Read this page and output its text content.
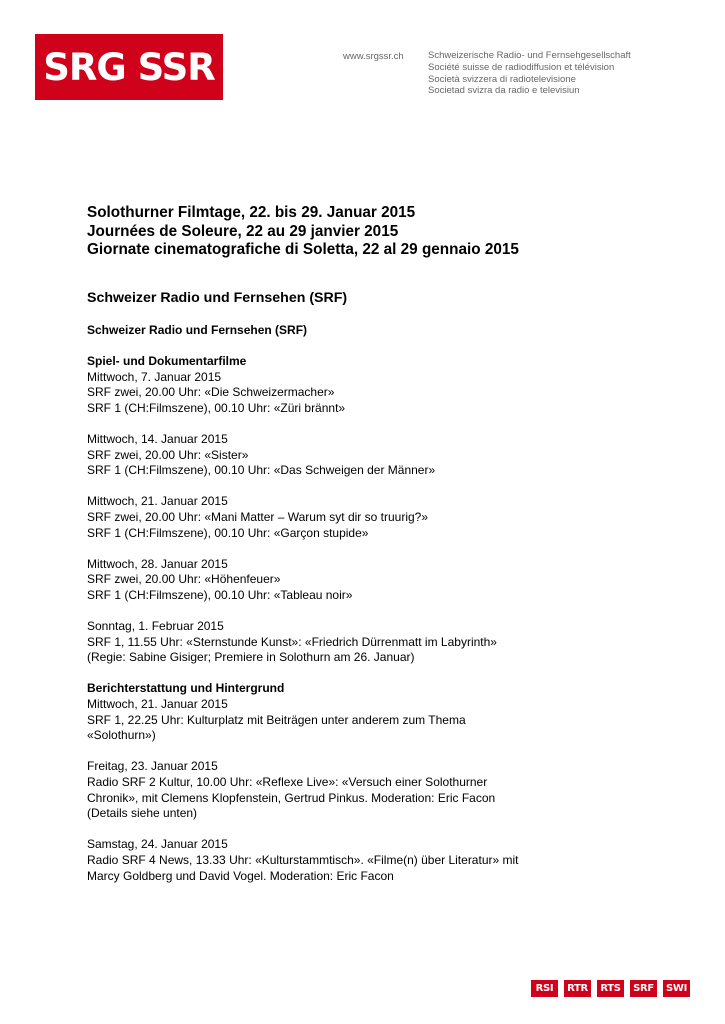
SRG SSR	www.srgssr.ch	Schweizerische Radio- und Fernsehgesellschaft
Société suisse de radiodiffusion et télévision
Società svizzera di radiotelevisione
Societad svizra da radio e televisiun
Solothurner Filmtage, 22. bis 29. Januar 2015
Journées de Soleure, 22 au 29 janvier 2015
Giornate cinematografiche di Soletta, 22 al 29 gennaio 2015
Schweizer Radio und Fernsehen (SRF)
Schweizer Radio und Fernsehen (SRF)
Spiel- und Dokumentarfilme
Mittwoch, 7. Januar 2015
SRF zwei, 20.00 Uhr: «Die Schweizermacher»
SRF 1 (CH:Filmszene), 00.10 Uhr: «Züri brännt»
Mittwoch, 14. Januar 2015
SRF zwei, 20.00 Uhr: «Sister»
SRF 1 (CH:Filmszene), 00.10 Uhr: «Das Schweigen der Männer»
Mittwoch, 21. Januar 2015
SRF zwei, 20.00 Uhr: «Mani Matter – Warum syt dir so truurig?»
SRF 1 (CH:Filmszene), 00.10 Uhr: «Garçon stupide»
Mittwoch, 28. Januar 2015
SRF zwei, 20.00 Uhr: «Höhenfeuer»
SRF 1 (CH:Filmszene), 00.10 Uhr: «Tableau noir»
Sonntag, 1. Februar 2015
SRF 1, 11.55 Uhr: «Sternstunde Kunst»: «Friedrich Dürrenmatt im Labyrinth»
(Regie: Sabine Gisiger; Premiere in Solothurn am 26. Januar)
Berichterstattung und Hintergrund
Mittwoch, 21. Januar 2015
SRF 1, 22.25 Uhr: Kulturplatz mit Beiträgen unter anderem zum Thema
«Solothurn»)
Freitag, 23. Januar 2015
Radio SRF 2 Kultur, 10.00 Uhr: «Reflexe Live»: «Versuch einer Solothurner
Chronik», mit Clemens Klopfenstein, Gertrud Pinkus. Moderation: Eric Facon
(Details siehe unten)
Samstag, 24. Januar 2015
Radio SRF 4 News, 13.33 Uhr: «Kulturstammtisch». «Filme(n) über Literatur» mit
Marcy Goldberg und David Vogel. Moderation: Eric Facon
RSI	RTR	RTS	SRF	SWI
